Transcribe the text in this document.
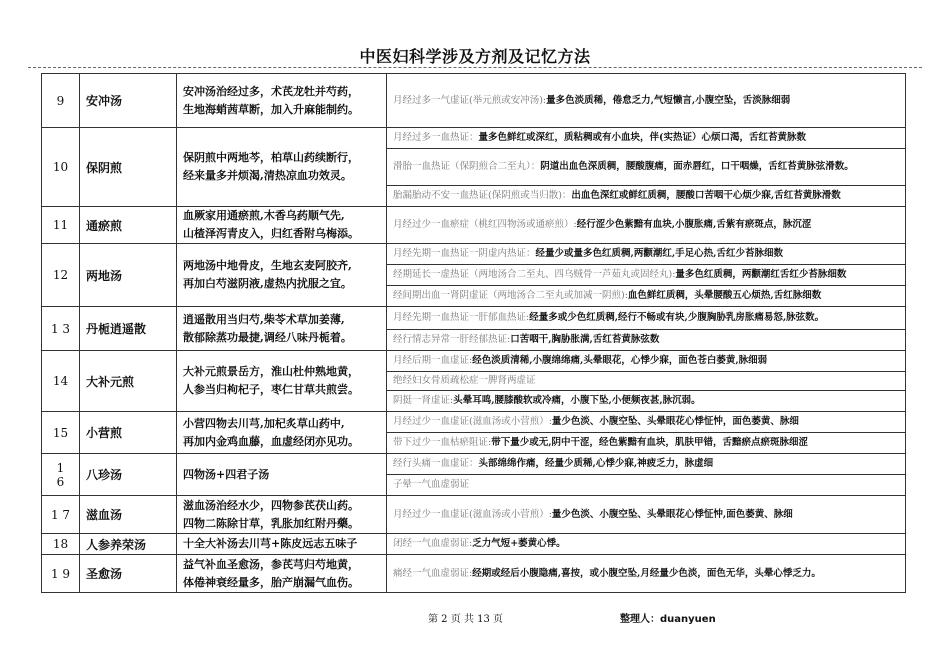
中医妇科学涉及方剂及记忆方法
9	安冲汤	安冲汤治经过多，术芪龙牡并芍药，
生地海蛸茜草断，加入升麻能制约。	月经过多一气虚证(举元煎或安冲汤):量多色淡质稀，倦怠乏力,气短懒言,小腹空坠，舌淡脉细弱
10	保阴煎	保阴煎中两地芩，柏草山药续断行，
经来量多并烦渴,清热凉血功效灵。	月经过多一血热证：量多色鲜红或深红，质粘稠或有小血块，伴(实热证）心烦口渴，舌红苔黄脉数
			滑胎一血热证（保阴煎合二至丸）：阴道出血色深质稠，腰酸腹痛，面赤唇红，口干咽燥，舌红苔黄脉弦滑数。
			胎漏胎动不安一血热证(保阴煎或当归散)：出血色深红或鲜红质稠，腰酸口苦咽干心烦少寐,舌红苔黄脉滑数
11	通瘀煎	血厥家用通瘀煎,木香乌药顺气先,
山楂泽泻青皮入，归红香附乌梅添。	月经过少一血瘀症（桃红四物汤或通瘀煎）:经行涩少色紫黯有血块,小腹胀痛,舌紫有瘀斑点，脉沉涩
12	两地汤	两地汤中地骨皮，生地玄麦阿胶齐,
再加白芍滋阴液,虚热内扰服之宜。	月经先期一血热证一阴虚内热证：经量少或量多色红质稠,两颧潮红,手足心热,舌红少苔脉细数
			经期延长一虚热证（两地汤合二至丸、四乌贼骨一芦茹丸或固经丸):量多色红质稠，两颧潮红舌红少苔脉细数
			经间期出血一肾阴虚证（两地汤合二至丸或加减一阴煎):血色鲜红质稠，头晕腰酸五心烦热,舌红脉细数
1 3	丹栀逍遥散	逍遥散用当归芍,柴苓术草加姜薄,
散郁除蒸功最捷,调经八味丹栀着。	月经先期一血热证一肝郁血热证:经量多或少色红质稠,经行不畅或有块,少腹胸胁乳房胀痛易怒,脉弦数。
			经行情志异常一肝经郁热证:口苦咽干,胸胁胀满,舌红苔黄脉弦数
14	大补元煎	大补元煎景岳方，淮山杜仲熟地黄，
人参当归枸杞子，枣仁甘草共煎尝。	月经后期一血虚证:经色淡质清稀,小腹绵绵痛,头晕眼花，心悸少寐，面色苍白萎黄,脉细弱
			绝经妇女骨质疏松症一脾肾两虚证
			阴挺一肾虚证:头晕耳鸣,腰膝酸软或冷痛，小腹下坠,小便频夜甚,脉沉弱。
15	小营煎	小营四物去川芎,加杞炙草山药中,
再加内金鸡血藤，血虚经闭亦见功。	月经过少一血虚证(滋血汤或小营煎）:量少色淡、小腹空坠、头晕眼花心悸怔忡，面色萎黄、脉细
			带下过少一血枯瘀阻证:带下量少或无,阴中干涩，经色紫黯有血块，肌肤甲错，舌黯瘀点瘀斑脉细涩
1
6	八珍汤	四物汤+四君子汤	经行头痛一血虚证：头部绵绵作痛，经量少质稀,心悸少寐,神疲乏力，脉虚细
			子晕一气血虚弱证
1 7	滋血汤	滋血汤治经水少，四物参芪茯山药。
四物二陈除甘草，乳胀加红附丹藥。	月经过少一血虚证(滋血汤或小营煎）:量少色淡、小腹空坠、头晕眼花心悸怔忡,面色萎黄、脉细
18	人参养荣汤	十全大补汤去川芎+陈皮远志五味子	闭经一气血虚弱证:乏力气短+萎黄心悸。
1 9	圣愈汤	益气补血圣愈汤，参芪芎归芍地黄，
体倦神衰经量多，胎产崩漏气血伤。	痛经一气血虚弱证:经期或经后小腹隐痛,喜按，或小腹空坠,月经量少色淡，面色无华，头晕心悸乏力。
第 2 页 共 13 页	整理人：duanyuen
